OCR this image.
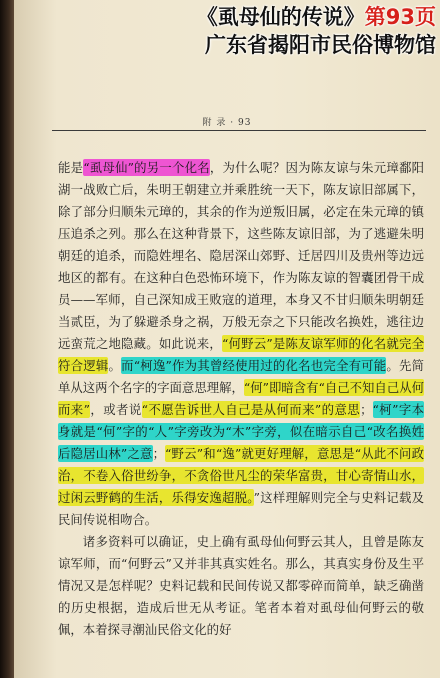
《虱母仙的传说》第93页
广东省揭阳市民俗博物馆
附 录 · 93

能是“虱母仙”的另一个化名，为什么呢？因为陈友谅与朱元璋鄱阳湖一战败亡后，朱明王朝建立并乘胜统一天下，陈友谅旧部属下，除了部分归顺朱元璋的，其余的作为逆叛旧属，必定在朱元璋的镇压追杀之列。那么在这种背景下，这些陈友谅旧部，为了逃避朱明朝廷的追杀，而隐姓埋名、隐居深山郊野、迁居四川及贵州等边远地区的都有。在这种白色恐怖环境下，作为陈友谅的智囊团骨干成员——军师，自己深知成王败寇的道理，本身又不甘归顺朱明朝廷当贰臣，为了躲避杀身之祸，万般无奈之下只能改名换姓，逃往边远蛮荒之地隐藏。如此说来，“何野云”是陈友谅军师的化名就完全符合逻辑。而“柯逸”作为其曾经使用过的化名也完全有可能。先简单从这两个名字的字面意思理解，“何”即暗含有“自己不知自己从何而来”，或者说“不愿告诉世人自己是从何而来”的意思；“柯”字本身就是“何”字的“人”字旁改为“木”字旁，似在暗示自己“改名换姓后隐居山林”之意；“野云”和“逸”就更好理解，意思是“从此不问政治，不卷入俗世纷争，不贪俗世凡尘的荣华富贵，甘心寄情山水，过闲云野鹤的生活，乐得安逸超脱。”这样理解则完全与史料记载及民间传说相吻合。

诸多资料可以确证，史上确有虱母仙何野云其人，且曾是陈友谅军师，而“何野云”又并非其真实姓名。那么，其真实身份及生平情况又是怎样呢？史料记载和民间传说又都零碎而简单，缺乏确凿的历史根据，造成后世无从考证。笔者本着对虱母仙何野云的敬佩，本着探寻潮汕民俗文化的好
